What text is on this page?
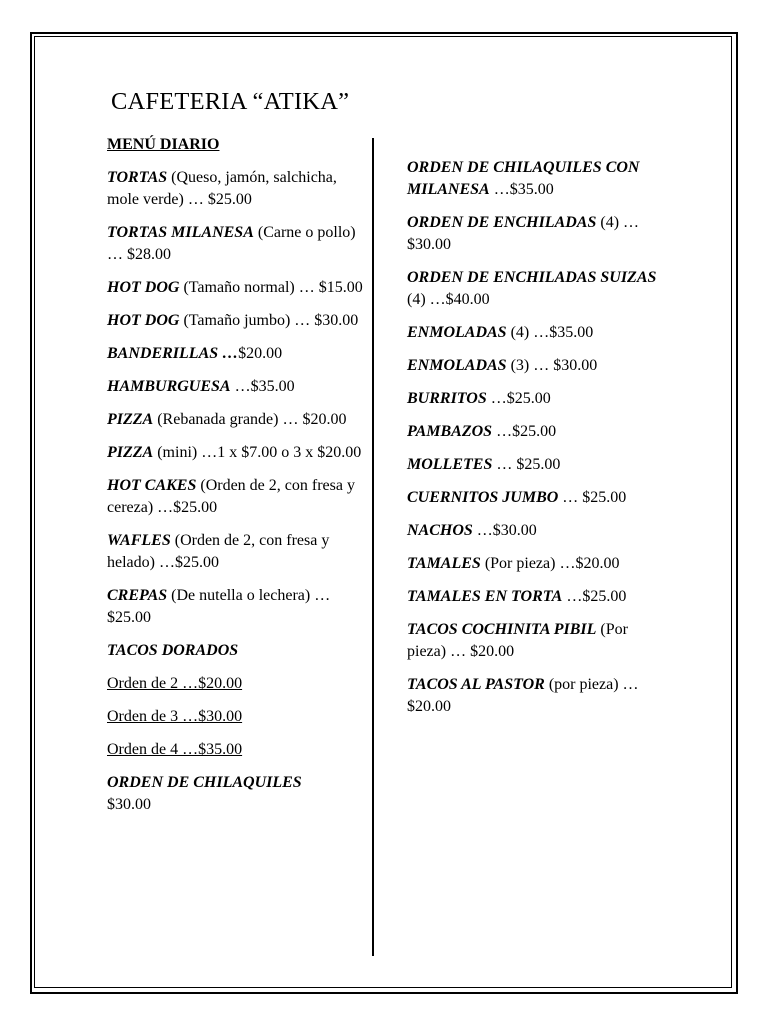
CAFETERIA “ATIKA”
MENÚ DIARIO
TORTAS (Queso, jamón, salchicha, mole verde) … $25.00
TORTAS MILANESA (Carne o pollo) … $28.00
HOT DOG (Tamaño normal) … $15.00
HOT DOG (Tamaño jumbo) … $30.00
BANDERILLAS …$20.00
HAMBURGUESA …$35.00
PIZZA (Rebanada grande) … $20.00
PIZZA (mini) …1 x $7.00 o 3 x $20.00
HOT CAKES (Orden de 2, con fresa y cereza) …$25.00
WAFLES (Orden de 2, con fresa y helado) …$25.00
CREPAS (De nutella o lechera) … $25.00
TACOS DORADOS
Orden de 2 …$20.00
Orden de 3 …$30.00
Orden de 4 …$35.00
ORDEN DE CHILAQUILES
$30.00
ORDEN DE CHILAQUILES CON MILANESA …$35.00
ORDEN DE ENCHILADAS (4) … $30.00
ORDEN DE ENCHILADAS SUIZAS (4) …$40.00
ENMOLADAS (4) …$35.00
ENMOLADAS (3) … $30.00
BURRITOS …$25.00
PAMBAZOS …$25.00
MOLLETES … $25.00
CUERNITOS JUMBO … $25.00
NACHOS …$30.00
TAMALES (Por pieza) …$20.00
TAMALES EN TORTA …$25.00
TACOS COCHINITA PIBIL (Por pieza) … $20.00
TACOS AL PASTOR (por pieza) … $20.00
